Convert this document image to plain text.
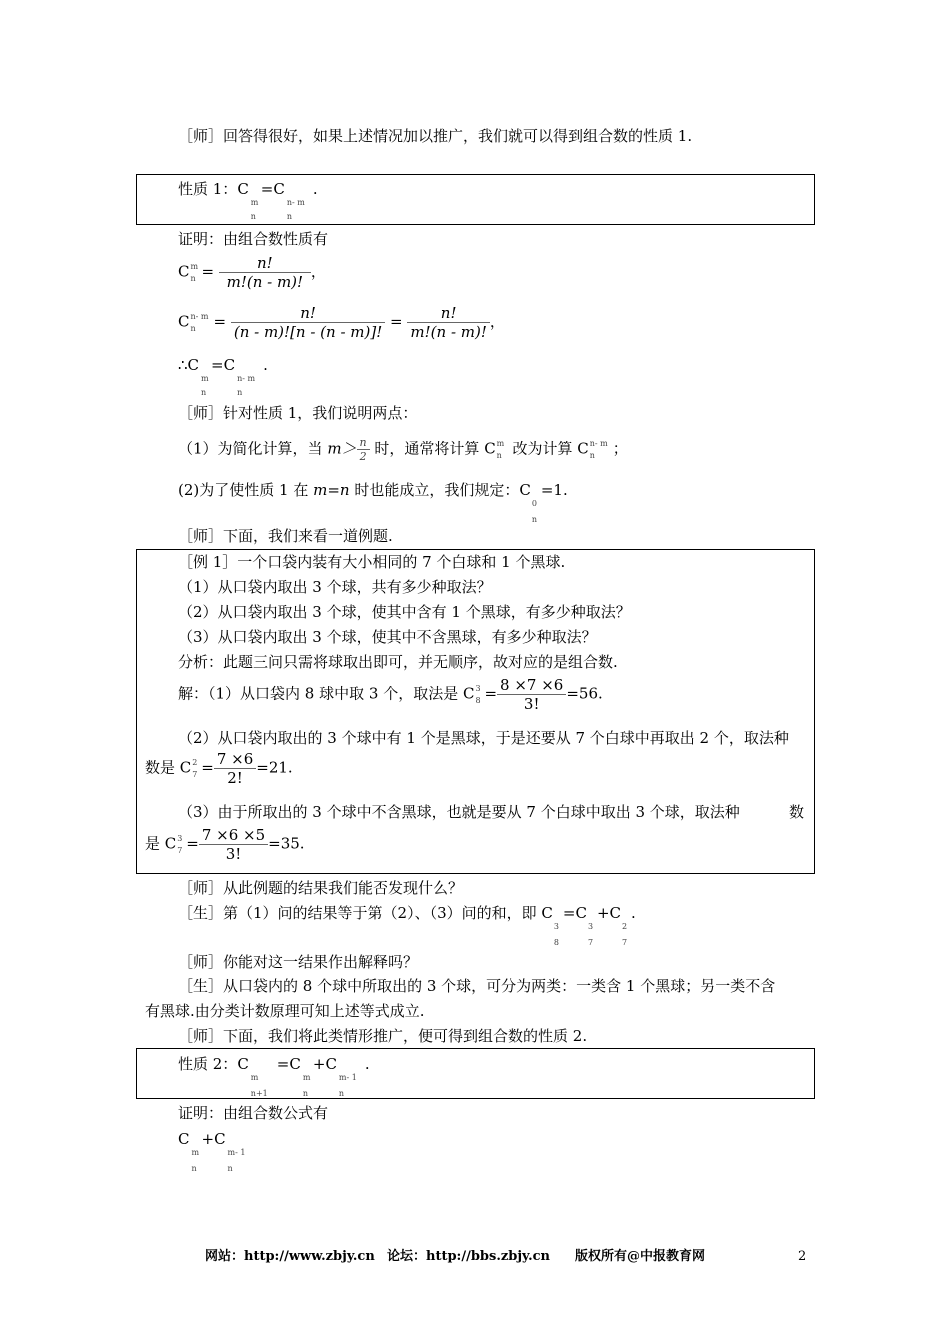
［师］回答得很好，如果上述情况加以推广，我们就可以得到组合数的性质 1.
性质 1：C
m
n
=C
n- m
n
.
证明：由组合数性质有
C m
$n = \frac{n!}{m!(n - m)!}$ ，
C n- m
$n = \frac{n!}{(n - m)![n - (n - m)]!} = \frac{n!}{m!(n - m)!}$ ，
∴C
m
n
=C
n- m
n
.
［师］针对性质 1，我们说明两点：
（1）为简化计算，当 $m> \frac{n}{2}$ 时，通常将计算 C m
n 改为计算 C n- m
n ；
(2)为了使性质 1 在 m=n 时也能成立，我们规定：C
0
n
=1.
［师］下面，我们来看一道例题.
［例 1］一个口袋内装有大小相同的 7 个白球和 1 个黑球.
（1）从口袋内取出 3 个球，共有多少种取法？
（2）从口袋内取出 3 个球，使其中含有 1 个黑球，有多少种取法？
（3）从口袋内取出 3 个球，使其中不含黑球，有多少种取法？
分析：此题三问只需将球取出即可，并无顺序，故对应的是组合数.
解：（1）从口袋内 8 球中取 3 个，取法是 C 3
$8 = \frac{8 \times 7 \times 6}{3!} =56$.
（2）从口袋内取出的 3 个球中有 1 个是黑球，于是还要从 7 个白球中再取出 2 个，取法种
数是 C 2
$7 = \frac{7 \times 6}{2!} =21$.
（3）由于所取出的 3 个球中不含黑球，也就是要从 7 个白球中取出 3 个球，取法种	数
是 C 3
$7 = \frac{7 \times 6 \times 5}{3!} =35$.
［师］从此例题的结果我们能否发现什么？
［生］第（1）问的结果等于第（2）、（3）问的和，即 C
3
8
=C
3
7
+C
2
7
.
［师］你能对这一结果作出解释吗？
［生］从口袋内的 8 个球中所取出的 3 个球，可分为两类：一类含 1 个黑球；另一类不含
有黑球.由分类计数原理可知上述等式成立.
［师］下面，我们将此类情形推广，便可得到组合数的性质 2.
性质 2：C
m
n+1
=C
m
n
+C
m- 1
n
.
证明：由组合数公式有
C
m
n
+C
m- 1
n
网站：http://www.zbjy.cn 论坛：http://bbs.zbjy.cn 版权所有@中报教育网	2
